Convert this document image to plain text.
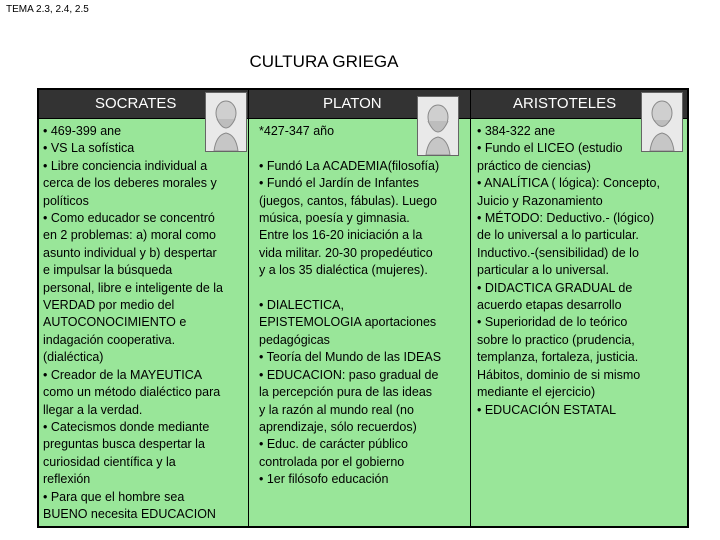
TEMA 2.3, 2.4, 2.5
CULTURA GRIEGA
SOCRATES
• 469-399 ane
• VS La sofística
• Libre conciencia individual a
cerca de los deberes morales y
políticos
• Como educador se concentró
en 2 problemas: a) moral como
asunto individual y b) despertar
e impulsar la búsqueda
personal, libre e inteligente de la
VERDAD por medio del
AUTOCONOCIMIENTO e
indagación cooperativa.
(dialéctica)
• Creador de la MAYEUTICA
como un método dialéctico para
llegar a la verdad.
• Catecismos donde mediante
preguntas busca despertar la
curiosidad científica y la
reflexión
• Para que el hombre sea
BUENO necesita EDUCACION
PLATON
*427-347 año

• Fundó La ACADEMIA(filosofía)
• Fundó el Jardín de Infantes
(juegos, cantos, fábulas). Luego
música, poesía y gimnasia.
Entre los 16-20 iniciación a la
vida militar. 20-30 propedéutico
y a los 35 dialéctica (mujeres).

• DIALECTICA,
EPISTEMOLOGIA aportaciones
pedagógicas
• Teoría del Mundo de las IDEAS
• EDUCACION: paso gradual de
la percepción pura de las ideas
y la razón al mundo real (no
aprendizaje, sólo recuerdos)
• Educ. de carácter público
controlada por el gobierno
• 1er filósofo educación
ARISTOTELES
• 384-322 ane
• Fundo el LICEO (estudio
práctico de ciencias)
• ANALÍTICA ( lógica): Concepto,
Juicio y Razonamiento
• MÉTODO: Deductivo.- (lógico)
de lo universal a lo particular.
Inductivo.-(sensibilidad) de lo
particular a lo universal.
• DIDACTICA GRADUAL de
acuerdo etapas desarrollo
• Superioridad de lo teórico
sobre lo practico (prudencia,
templanza, fortaleza, justicia.
Hábitos, dominio de si mismo
mediante el ejercicio)
• EDUCACIÓN ESTATAL
